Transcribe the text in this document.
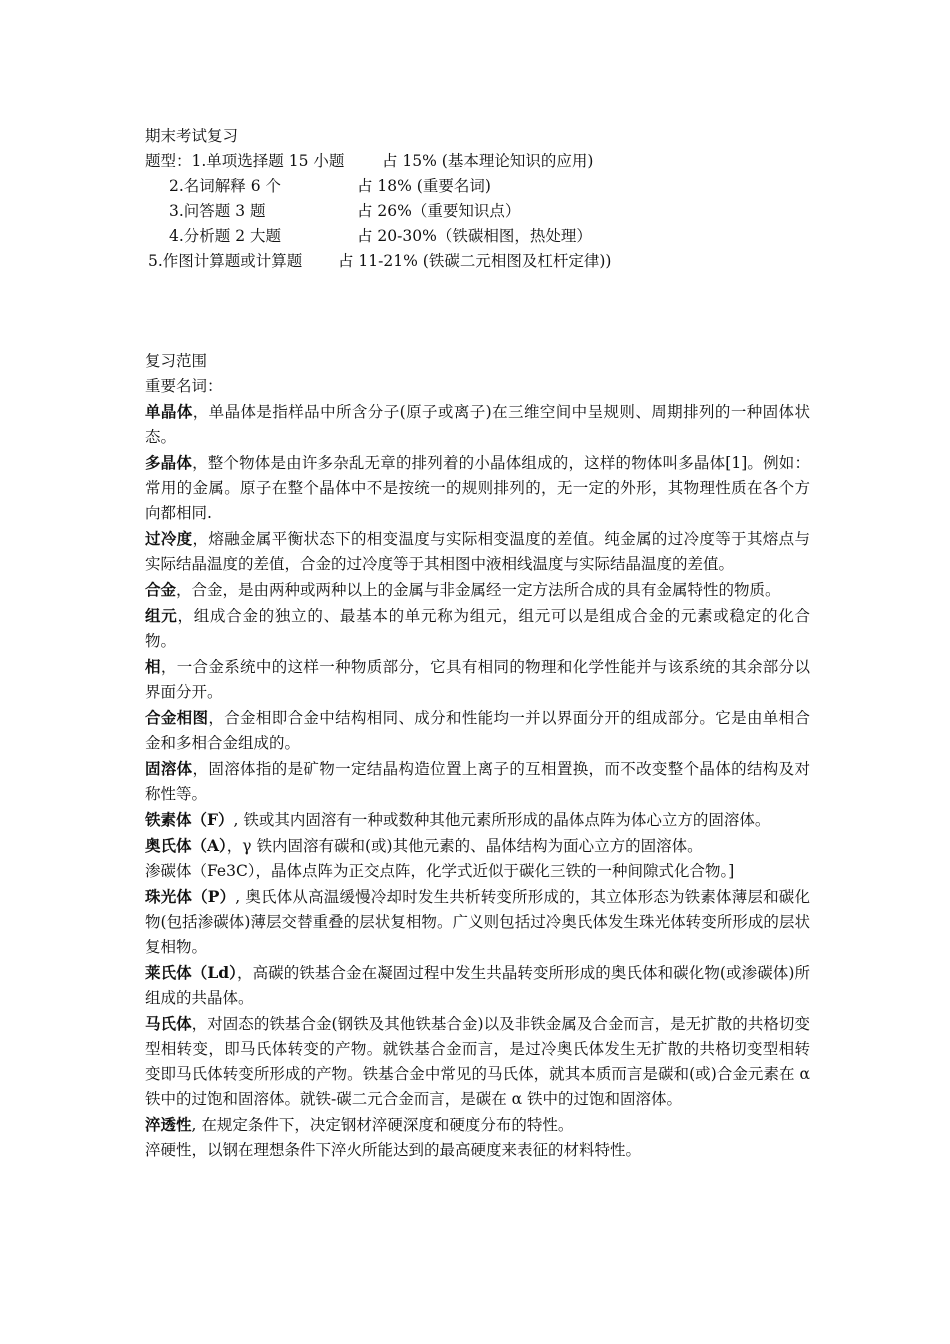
期末考试复习
题型：1.单项选择题 15 小题	占 15% (基本理论知识的应用)
2.名词解释 6 个	占 18% (重要名词)
3.问答题 3 题	占 26%（重要知识点）
4.分析题 2 大题	占 20-30%（铁碳相图，热处理）
5.作图计算题或计算题	占 11-21% (铁碳二元相图及杠杆定律))
复习范围
重要名词：

单晶体，单晶体是指样品中所含分子(原子或离子)在三维空间中呈规则、周期排列的一种固体状态。

多晶体，整个物体是由许多杂乱无章的排列着的小晶体组成的，这样的物体叫多晶体[1]。例如：常用的金属。原子在整个晶体中不是按统一的规则排列的，无一定的外形，其物理性质在各个方向都相同.

过冷度，熔融金属平衡状态下的相变温度与实际相变温度的差值。纯金属的过冷度等于其熔点与实际结晶温度的差值，合金的过冷度等于其相图中液相线温度与实际结晶温度的差值。

合金，合金，是由两种或两种以上的金属与非金属经一定方法所合成的具有金属特性的物质。

组元，组成合金的独立的、最基本的单元称为组元，组元可以是组成合金的元素或稳定的化合物。

相，一合金系统中的这样一种物质部分，它具有相同的物理和化学性能并与该系统的其余部分以界面分开。

合金相图，合金相即合金中结构相同、成分和性能均一并以界面分开的组成部分。它是由单相合金和多相合金组成的。

固溶体，固溶体指的是矿物一定结晶构造位置上离子的互相置换，而不改变整个晶体的结构及对称性等。

铁素体（F）, 铁或其内固溶有一种或数种其他元素所形成的晶体点阵为体心立方的固溶体。

奥氏体（A），γ 铁内固溶有碳和(或)其他元素的、晶体结构为面心立方的固溶体。

渗碳体（Fe3C），晶体点阵为正交点阵，化学式近似于碳化三铁的一种间隙式化合物。]

珠光体（P）, 奥氏体从高温缓慢冷却时发生共析转变所形成的，其立体形态为铁素体薄层和碳化物(包括渗碳体)薄层交替重叠的层状复相物。广义则包括过冷奥氏体发生珠光体转变所形成的层状复相物。

莱氏体（Ld），高碳的铁基合金在凝固过程中发生共晶转变所形成的奥氏体和碳化物(或渗碳体)所组成的共晶体。

马氏体，对固态的铁基合金(钢铁及其他铁基合金)以及非铁金属及合金而言，是无扩散的共格切变型相转变，即马氏体转变的产物。就铁基合金而言，是过冷奥氏体发生无扩散的共格切变型相转变即马氏体转变所形成的产物。铁基合金中常见的马氏体，就其本质而言是碳和(或)合金元素在 α 铁中的过饱和固溶体。就铁-碳二元合金而言，是碳在 α 铁中的过饱和固溶体。

淬透性, 在规定条件下，决定钢材淬硬深度和硬度分布的特性。

淬硬性，以钢在理想条件下淬火所能达到的最高硬度来表征的材料特性。
